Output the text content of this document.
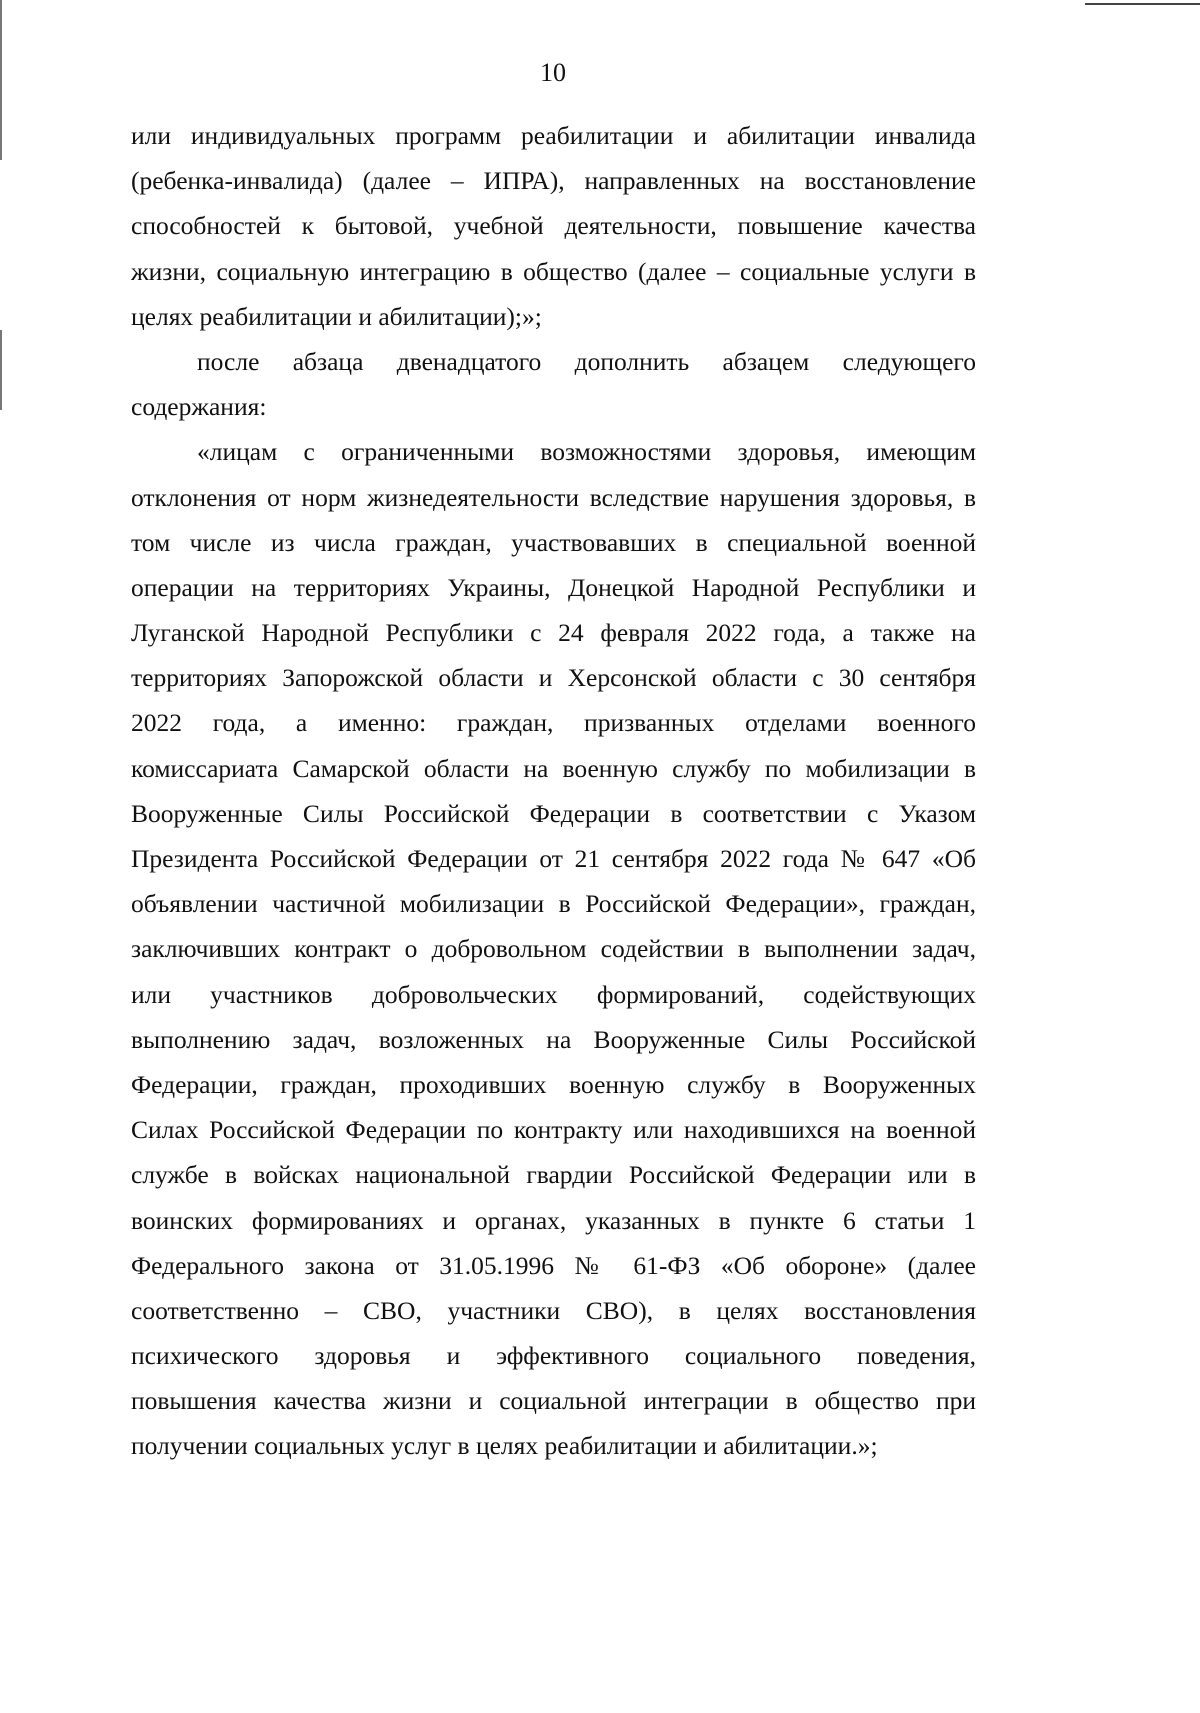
10
или индивидуальных программ реабилитации и абилитации инвалида
(ребенка-инвалида) (далее – ИПРА), направленных на восстановление
способностей к бытовой, учебной деятельности, повышение качества
жизни, социальную интеграцию в общество (далее – социальные услуги в
целях реабилитации и абилитации);»;
после абзаца двенадцатого дополнить абзацем следующего
содержания:
«лицам с ограниченными возможностями здоровья, имеющим
отклонения от норм жизнедеятельности вследствие нарушения здоровья, в
том числе из числа граждан, участвовавших в специальной военной
операции на территориях Украины, Донецкой Народной Республики и
Луганской Народной Республики с 24 февраля 2022 года, а также на
территориях Запорожской области и Херсонской области с 30 сентября
2022 года, а именно: граждан, призванных отделами военного
комиссариата Самарской области на военную службу по мобилизации в
Вооруженные Силы Российской Федерации в соответствии с Указом
Президента Российской Федерации от 21 сентября 2022 года № 647 «Об
объявлении частичной мобилизации в Российской Федерации», граждан,
заключивших контракт о добровольном содействии в выполнении задач,
или участников добровольческих формирований, содействующих
выполнению задач, возложенных на Вооруженные Силы Российской
Федерации, граждан, проходивших военную службу в Вооруженных
Силах Российской Федерации по контракту или находившихся на военной
службе в войсках национальной гвардии Российской Федерации или в
воинских формированиях и органах, указанных в пункте 6 статьи 1
Федерального закона от 31.05.1996 № 61-ФЗ «Об обороне» (далее
соответственно – СВО, участники СВО), в целях восстановления
психического здоровья и эффективного социального поведения,
повышения качества жизни и социальной интеграции в общество при
получении социальных услуг в целях реабилитации и абилитации.»;
